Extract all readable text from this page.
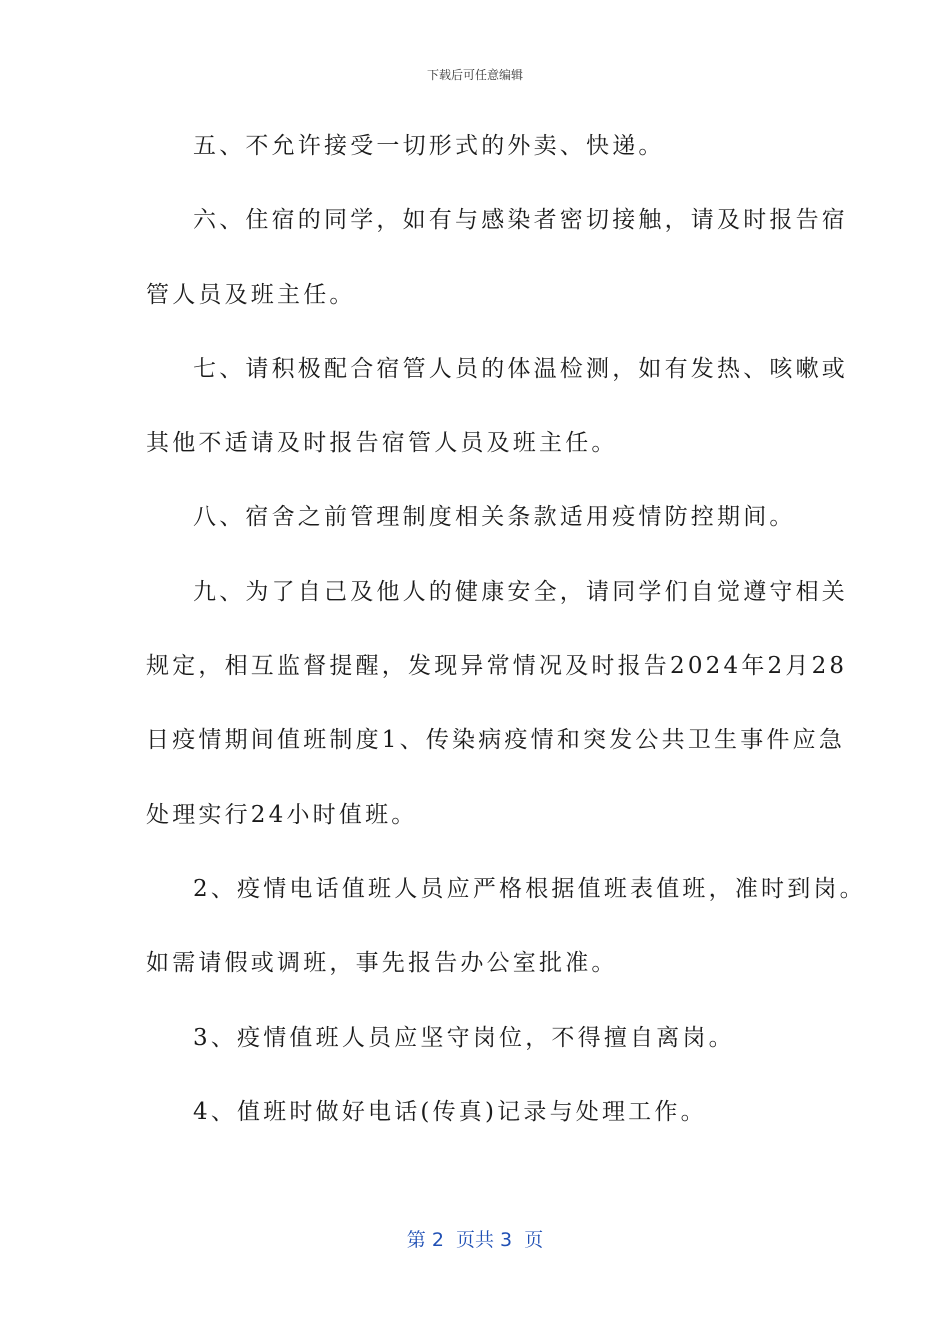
下载后可任意编辑
五、不允许接受一切形式的外卖、快递。
六、住宿的同学，如有与感染者密切接触，请及时报告宿
管人员及班主任。
七、请积极配合宿管人员的体温检测，如有发热、咳嗽或
其他不适请及时报告宿管人员及班主任。
八、宿舍之前管理制度相关条款适用疫情防控期间。
九、为了自己及他人的健康安全，请同学们自觉遵守相关
规定，相互监督提醒，发现异常情况及时报告2024年2月28
日疫情期间值班制度1、传染病疫情和突发公共卫生事件应急
处理实行24小时值班。
2、疫情电话值班人员应严格根据值班表值班，准时到岗。
如需请假或调班，事先报告办公室批准。
3、疫情值班人员应坚守岗位，不得擅自离岗。
4、值班时做好电话(传真)记录与处理工作。
第 2  页共 3  页
